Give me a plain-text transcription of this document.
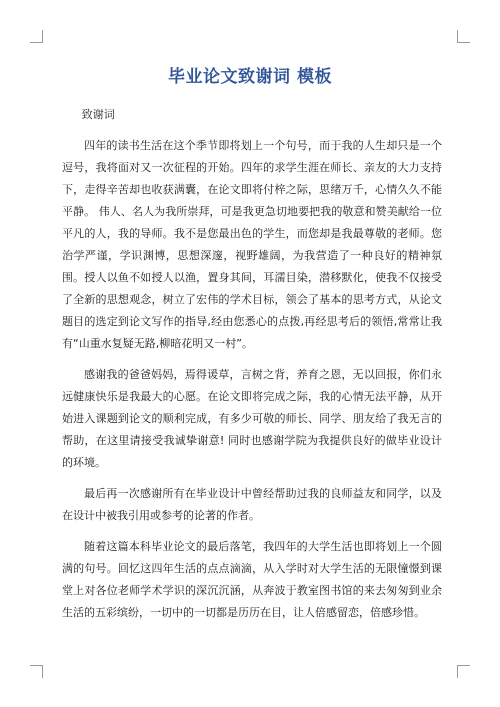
毕业论文致谢词 模板
致谢词

四年的读书生活在这个季节即将划上一个句号，而于我的人生却只是一个逗号，我将面对又一次征程的开始。四年的求学生涯在师长、亲友的大力支持下，走得辛苦却也收获满囊，在论文即将付梓之际，思绪万千，心情久久不能平静。 伟人、名人为我所崇拜，可是我更急切地要把我的敬意和赞美献给一位平凡的人，我的导师。我不是您最出色的学生，而您却是我最尊敬的老师。您治学严谨，学识渊博，思想深邃，视野雄阔，为我营造了一种良好的精神氛围。授人以鱼不如授人以渔，置身其间，耳濡目染，潜移默化，使我不仅接受了全新的思想观念，树立了宏伟的学术目标，领会了基本的思考方式，从论文题目的选定到论文写作的指导,经由您悉心的点拨,再经思考后的领悟,常常让我有“山重水复疑无路,柳暗花明又一村”。

感谢我的爸爸妈妈，焉得谖草，言树之背，养育之恩，无以回报，你们永远健康快乐是我最大的心愿。在论文即将完成之际，我的心情无法平静，从开始进入课题到论文的顺利完成，有多少可敬的师长、同学、朋友给了我无言的帮助，在这里请接受我诚挚谢意! 同时也感谢学院为我提供良好的做毕业设计的环境。

最后再一次感谢所有在毕业设计中曾经帮助过我的良师益友和同学，以及在设计中被我引用或参考的论著的作者。

随着这篇本科毕业论文的最后落笔，我四年的大学生活也即将划上一个圆满的句号。回忆这四年生活的点点滴滴，从入学时对大学生活的无限憧憬到课堂上对各位老师学术学识的深沉沉涵，从奔波于教室图书馆的来去匆匆到业余生活的五彩缤纷，一切中的一切都是历历在目，让人倍感留恋，倍感珍惜。
